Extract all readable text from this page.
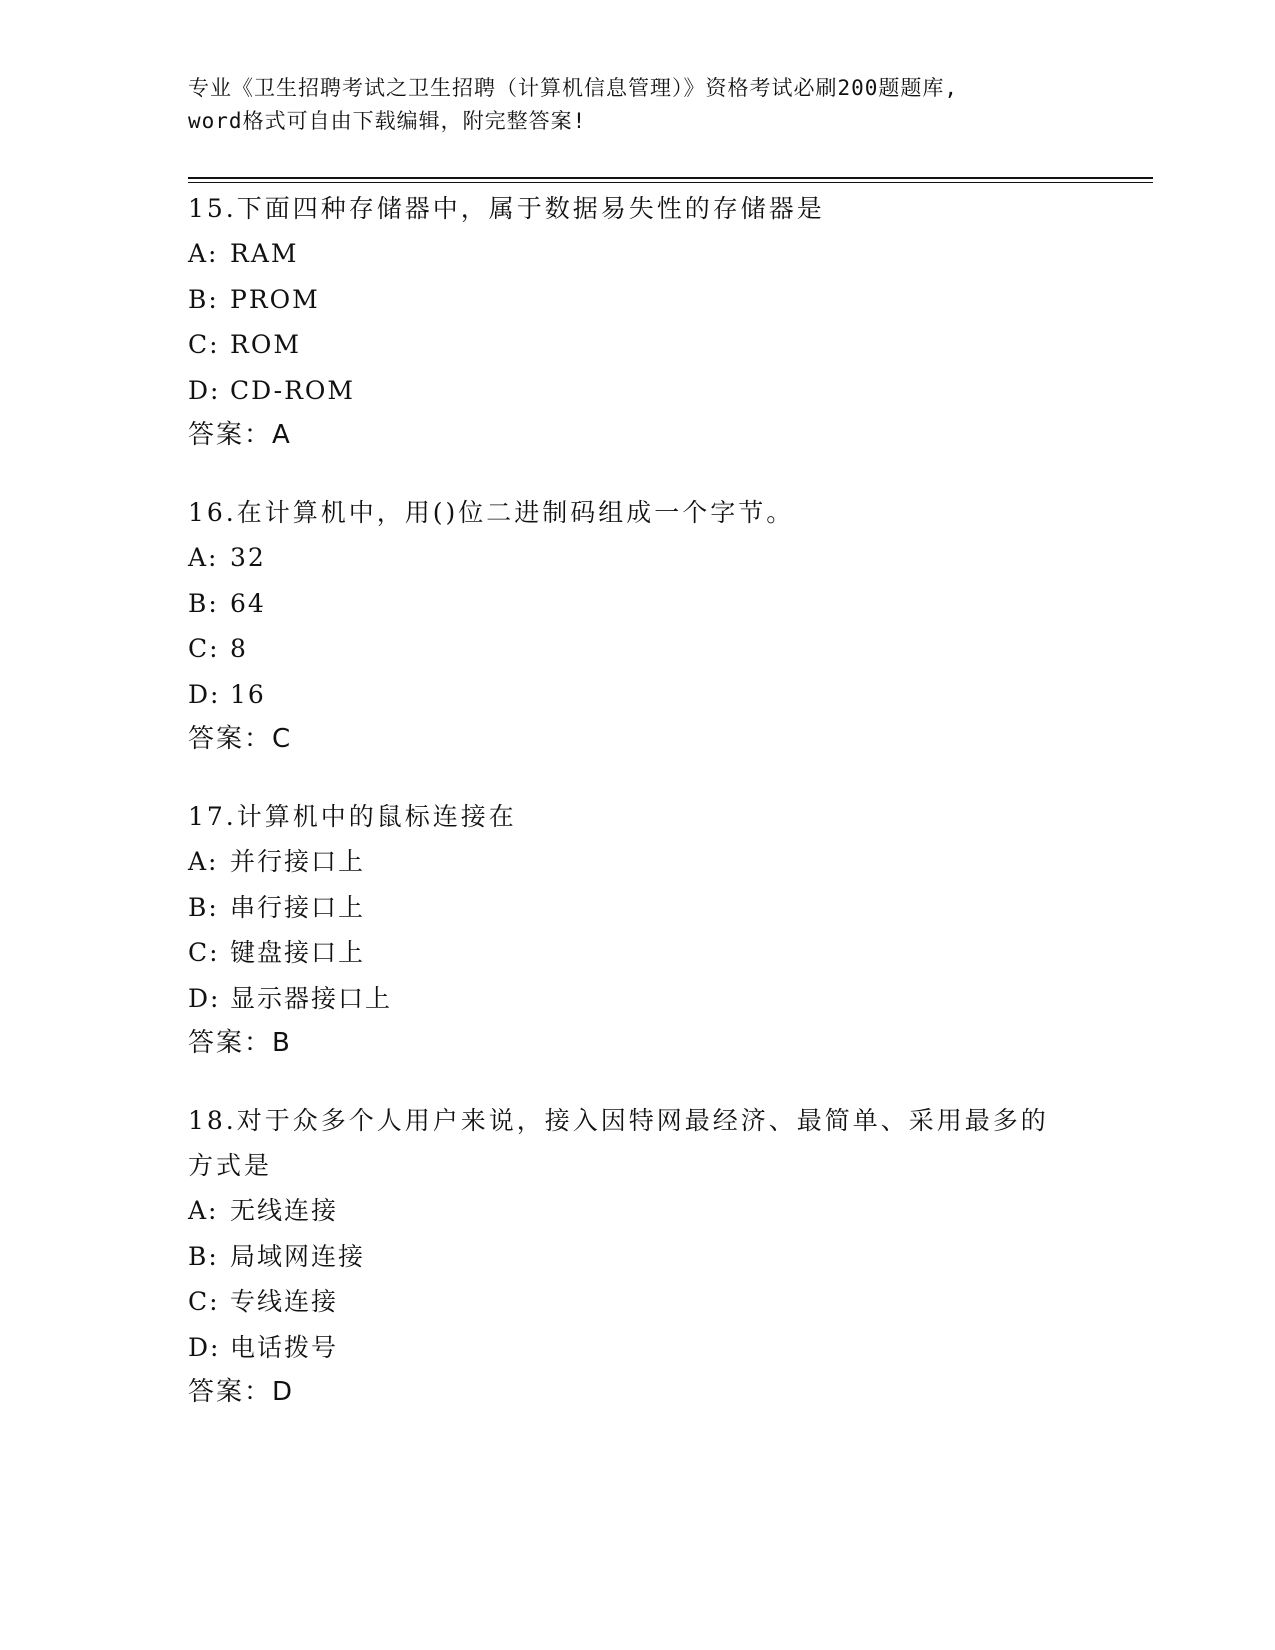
专业《卫生招聘考试之卫生招聘（计算机信息管理）》资格考试必刷200题题库,
word格式可自由下载编辑，附完整答案!
15.下面四种存储器中，属于数据易失性的存储器是
A: RAM
B: PROM
C: ROM
D: CD-ROM
答案：A
16.在计算机中，用()位二进制码组成一个字节。
A: 32
B: 64
C: 8
D: 16
答案：C
17.计算机中的鼠标连接在
A: 并行接口上
B: 串行接口上
C: 键盘接口上
D: 显示器接口上
答案：B
18.对于众多个人用户来说，接入因特网最经济、最简单、采用最多的方式是
A: 无线连接
B: 局域网连接
C: 专线连接
D: 电话拨号
答案：D
